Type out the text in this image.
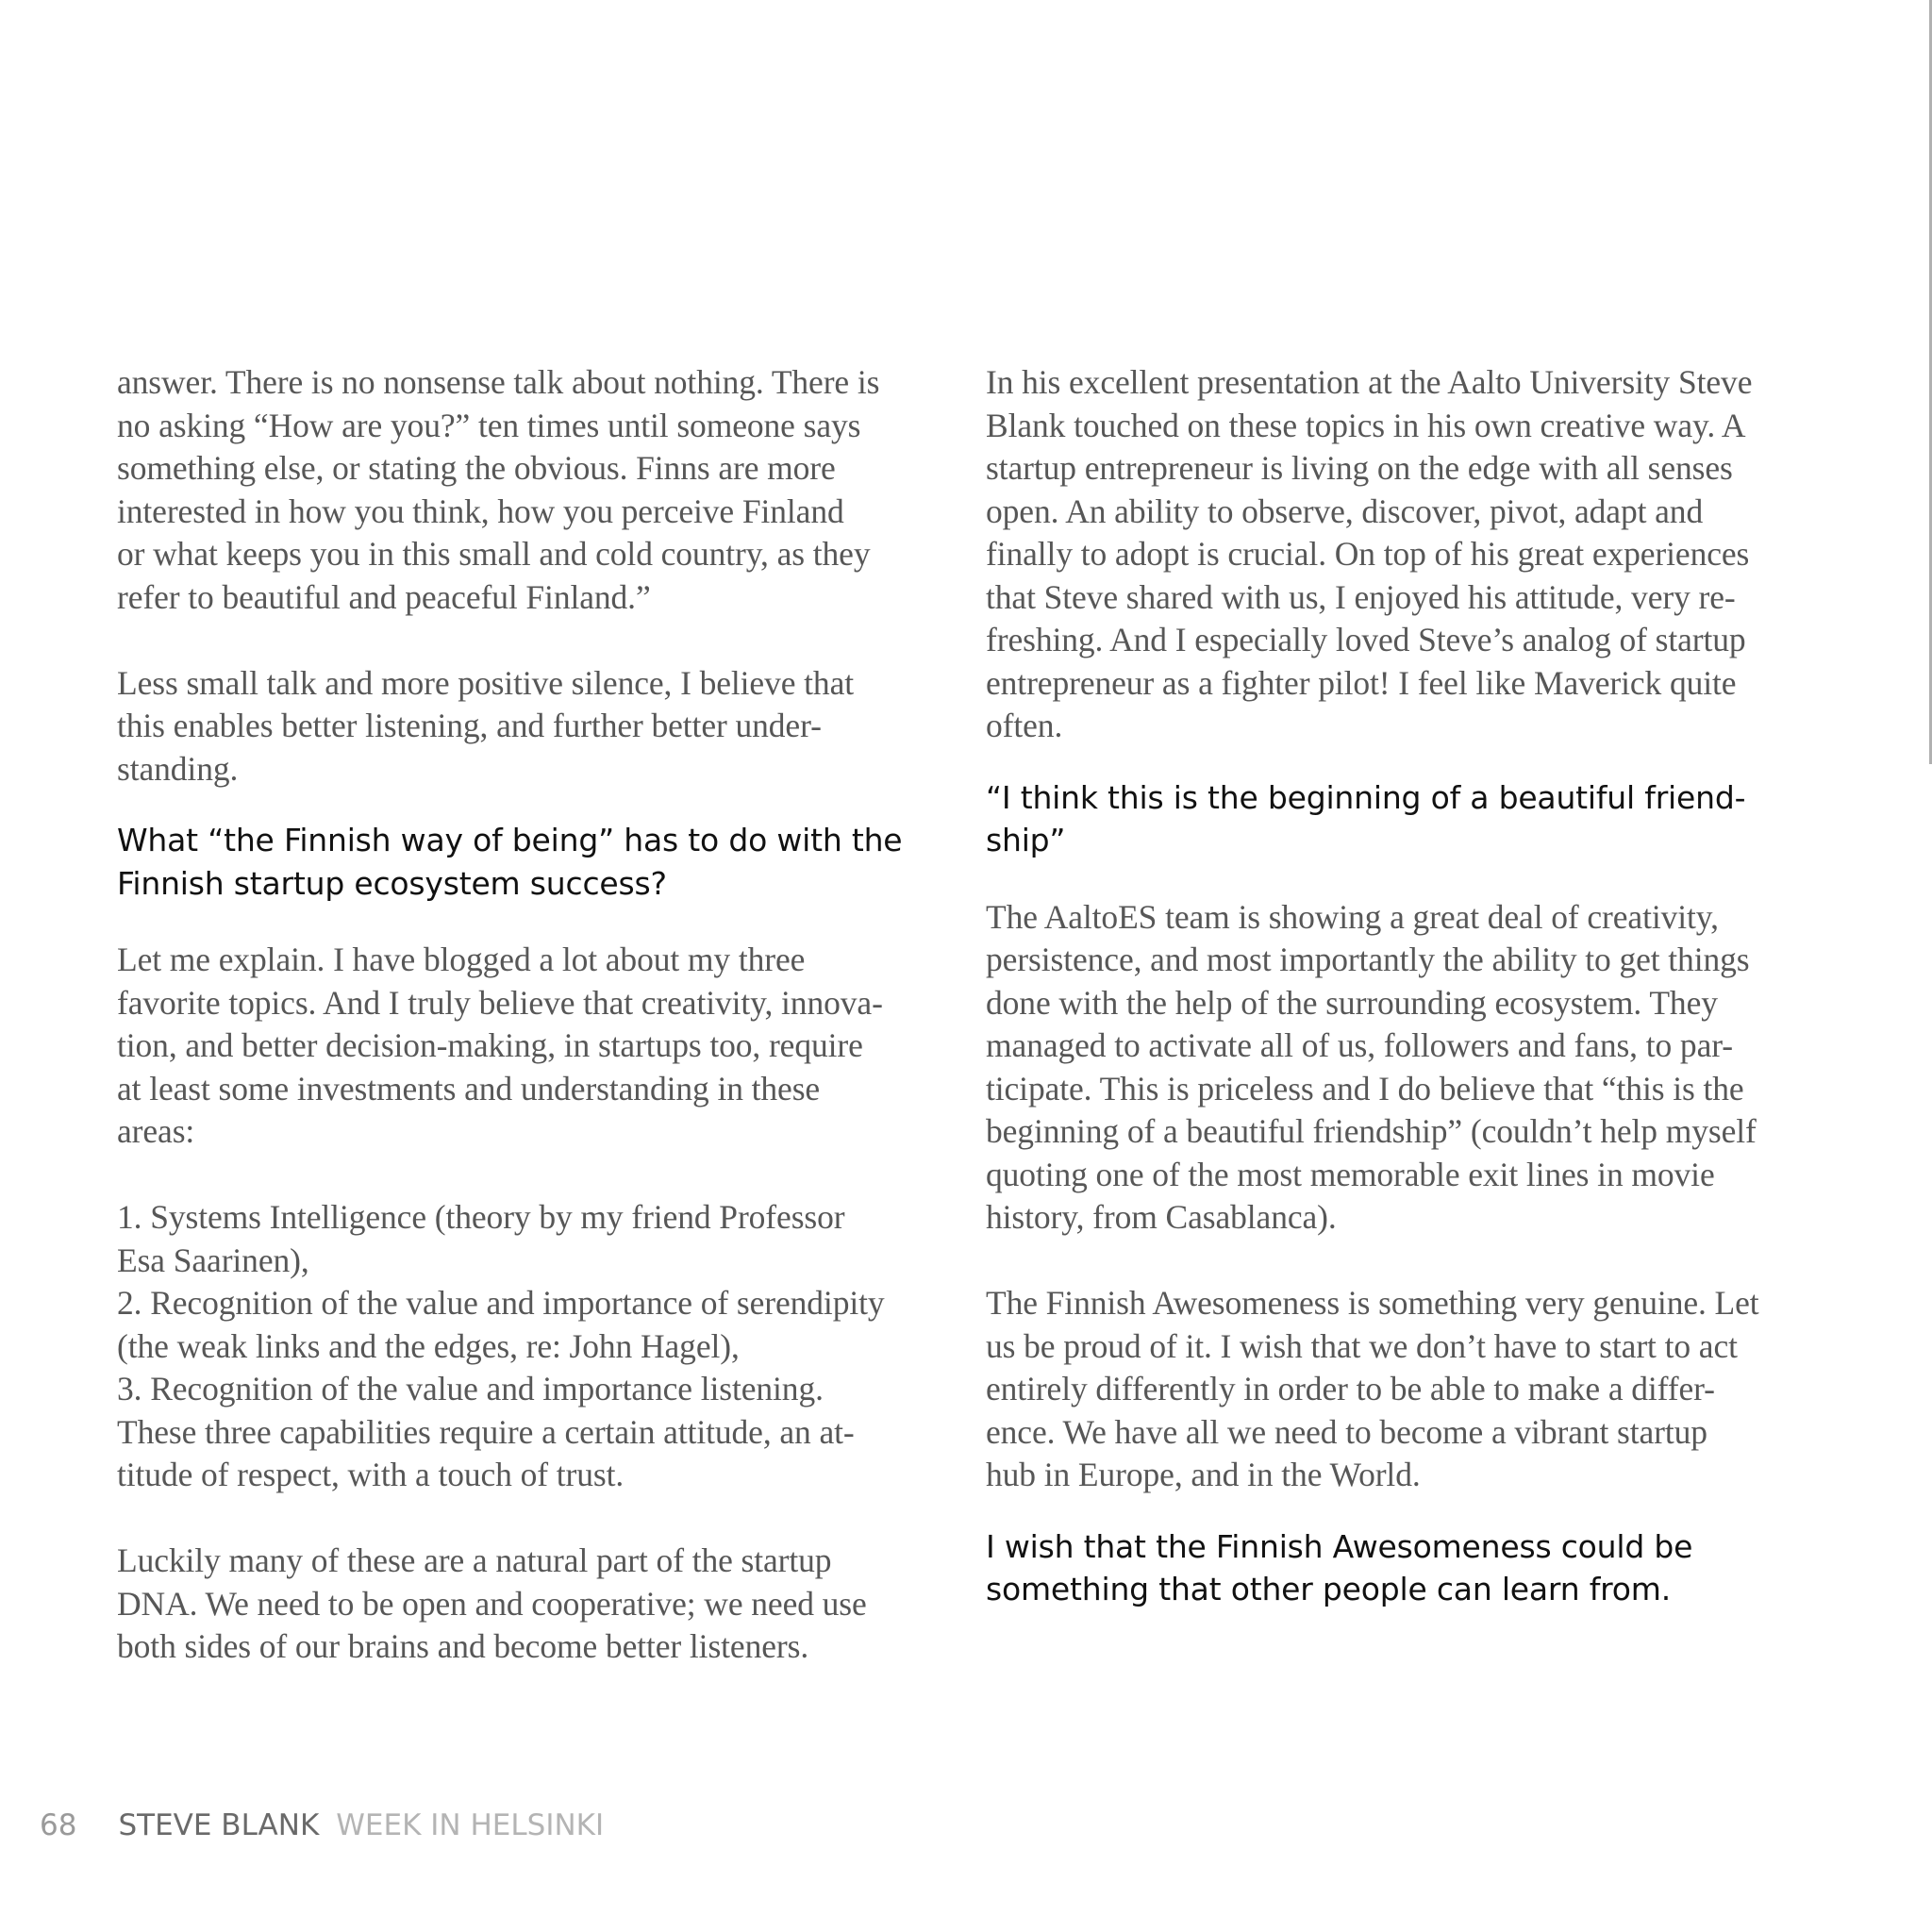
answer. There is no nonsense talk about nothing. There is
no asking “How are you?” ten times until someone says
something else, or stating the obvious. Finns are more
interested in how you think, how you perceive Finland
or what keeps you in this small and cold country, as they
refer to beautiful and peaceful Finland.”

Less small talk and more positive silence, I believe that
this enables better listening, and further better under-
standing.

What “the Finnish way of being” has to do with the
Finnish startup ecosystem success?

Let me explain. I have blogged a lot about my three
favorite topics. And I truly believe that creativity, innova-
tion, and better decision-making, in startups too, require
at least some investments and understanding in these
areas:

1. Systems Intelligence (theory by my friend Professor
Esa Saarinen),
2. Recognition of the value and importance of serendipity
(the weak links and the edges, re: John Hagel),
3. Recognition of the value and importance listening.
These three capabilities require a certain attitude, an at-
titude of respect, with a touch of trust.

Luckily many of these are a natural part of the startup
DNA. We need to be open and cooperative; we need use
both sides of our brains and become better listeners.

In his excellent presentation at the Aalto University Steve
Blank touched on these topics in his own creative way. A
startup entrepreneur is living on the edge with all senses
open. An ability to observe, discover, pivot, adapt and
finally to adopt is crucial. On top of his great experiences
that Steve shared with us, I enjoyed his attitude, very re-
freshing. And I especially loved Steve’s analog of startup
entrepreneur as a fighter pilot! I feel like Maverick quite
often.

“I think this is the beginning of a beautiful friend-
ship”

The AaltoES team is showing a great deal of creativity,
persistence, and most importantly the ability to get things
done with the help of the surrounding ecosystem. They
managed to activate all of us, followers and fans, to par-
ticipate. This is priceless and I do believe that “this is the
beginning of a beautiful friendship” (couldn’t help myself
quoting one of the most memorable exit lines in movie
history, from Casablanca).

The Finnish Awesomeness is something very genuine. Let
us be proud of it. I wish that we don’t have to start to act
entirely differently in order to be able to make a differ-
ence. We have all we need to become a vibrant startup
hub in Europe, and in the World.

I wish that the Finnish Awesomeness could be
something that other people can learn from.

68 STEVE BLANK WEEK IN HELSINKI
